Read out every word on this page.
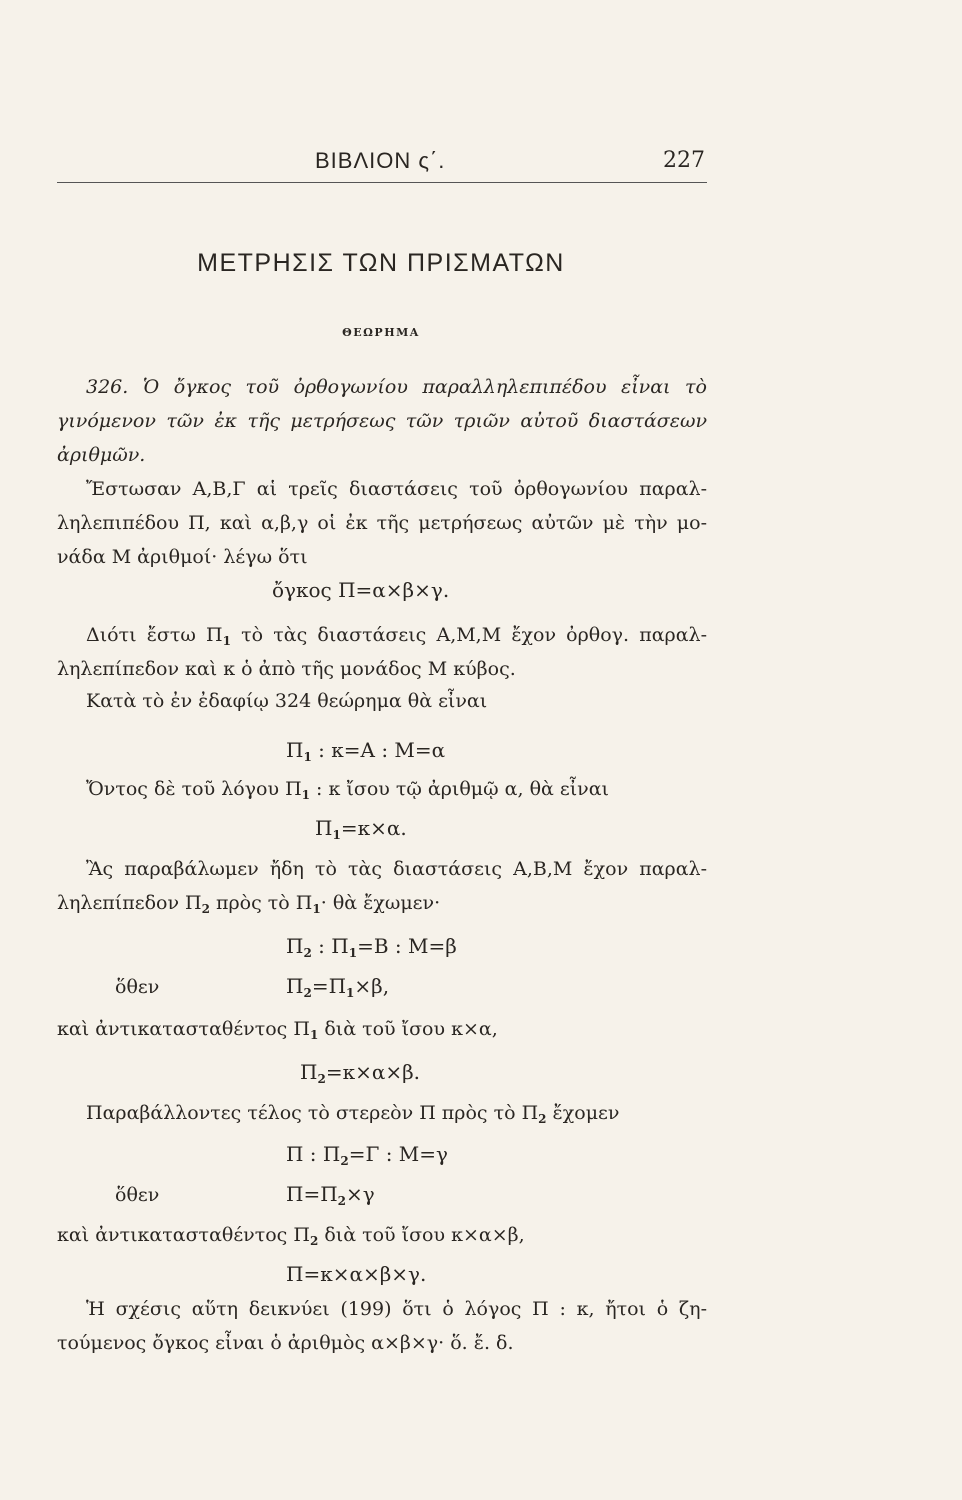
ΒΙΒΛΙΟΝ ς΄.	227
ΜΕΤΡΗΣΙΣ ΤΩΝ ΠΡΙΣΜΑΤΩΝ
ΘΕΩΡΗΜΑ
326. Ὁ ὄγκος τοῦ ὀρθογωνίου παραλληλεπιπέδου εἶναι τὸ
γινόμενον τῶν ἐκ τῆς μετρήσεως τῶν τριῶν αὐτοῦ διαστάσεων
ἀριθμῶν.
Ἔστωσαν Α,Β,Γ αἱ τρεῖς διαστάσεις τοῦ ὀρθογωνίου παραλ-
ληλεπιπέδου Π, καὶ α,β,γ οἱ ἐκ τῆς μετρήσεως αὐτῶν μὲ τὴν μο-
νάδα Μ ἀριθμοί· λέγω ὅτι
ὄγκος Π=α×β×γ.
Διότι ἔστω $\Pi_1$ τὸ τὰς διαστάσεις Α,Μ,Μ ἔχον ὀρθογ. παραλ-
ληλεπίπεδον καὶ κ ὁ ἀπὸ τῆς μονάδος Μ κύβος.
Κατὰ τὸ ἐν ἐδαφίῳ 324 θεώρημα θὰ εἶναι
$\Pi_1$ : κ=Α : Μ=α
Ὄντος δὲ τοῦ λόγου $\Pi_1$ : κ ἴσου τῷ ἀριθμῷ α, θὰ εἶναι
$\Pi_1=\kappa\times\alpha$.
Ἂς παραβάλωμεν ἤδη τὸ τὰς διαστάσεις Α,Β,Μ ἔχον παραλ-
ληλεπίπεδον $\Pi_2$ πρὸς τὸ $\Pi_1\cdot$ θὰ ἔχωμεν·
$\Pi_2$ : $\Pi_1=B$ : Μ=β
ὅθεν	$\Pi_2=\Pi_1\times\beta$,
καὶ ἀντικατασταθέντος $\Pi_1$ διὰ τοῦ ἴσου κ×α,
$\Pi_2=\kappa\times\alpha\times\beta$.
Παραβάλλοντες τέλος τὸ στερεὸν Π πρὸς τὸ $\Pi_2$ ἔχομεν
Π : $\Pi_2=\Gamma$ : Μ=γ
ὅθεν	$\Pi=\Pi_2\times\gamma$
καὶ ἀντικατασταθέντος $\Pi_2$ διὰ τοῦ ἴσου κ×α×β,
Π=κ×α×β×γ.
Ἡ σχέσις αὕτη δεικνύει (199) ὅτι ὁ λόγος Π : κ, ἤτοι ὁ ζη-
τούμενος ὄγκος εἶναι ὁ ἀριθμὸς α×β×γ· ὅ. ἔ. δ.
